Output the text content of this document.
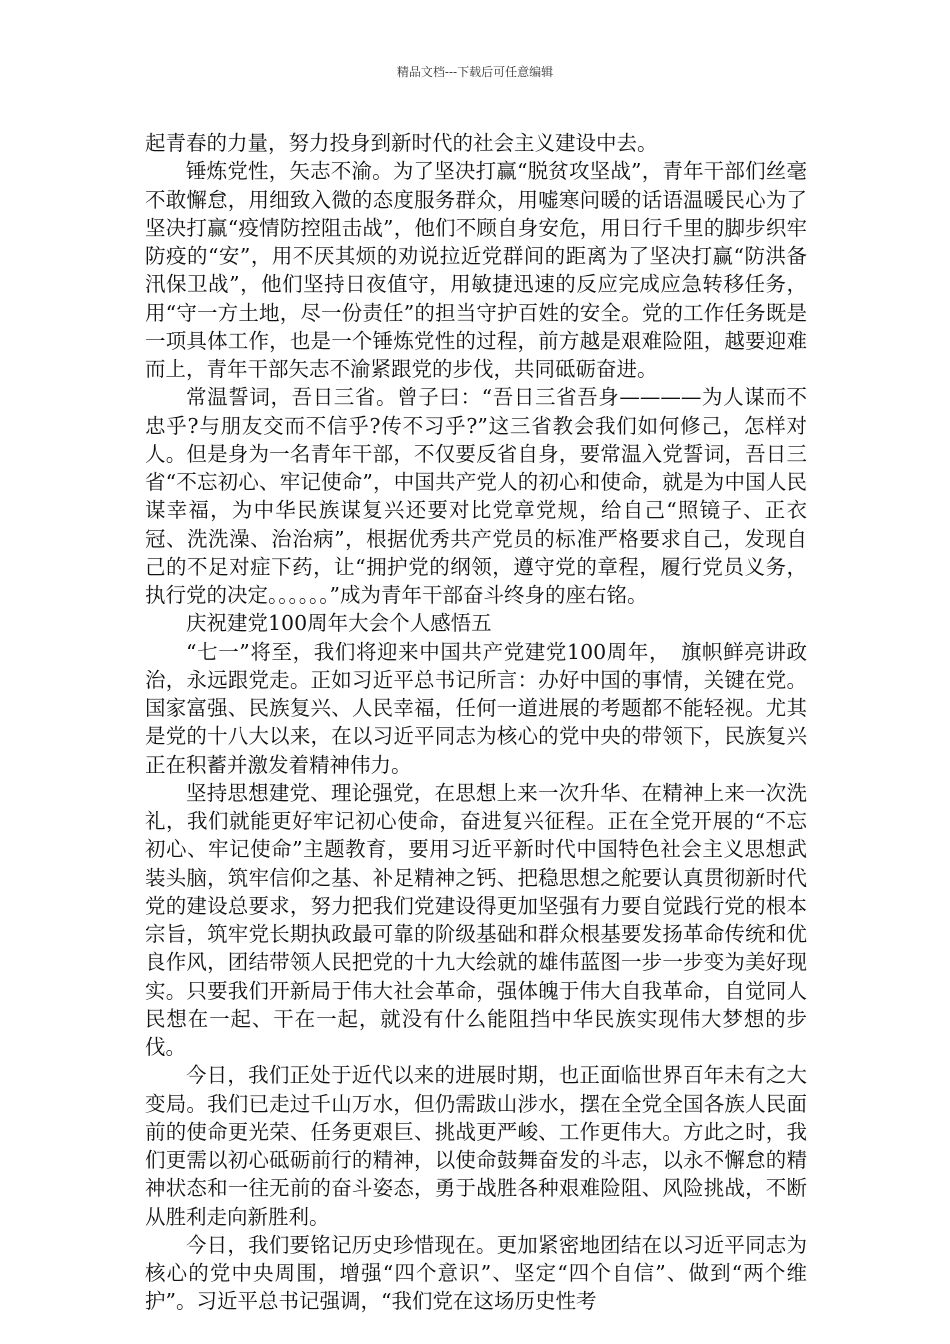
精品文档---下载后可任意编辑

起青春的力量，努力投身到新时代的社会主义建设中去。

锤炼党性，矢志不渝。为了坚决打赢“脱贫攻坚战”，青年干部们丝毫不敢懈怠，用细致入微的态度服务群众，用嘘寒问暖的话语温暖民心为了坚决打赢“疫情防控阻击战”，他们不顾自身安危，用日行千里的脚步织牢防疫的“安”，用不厌其烦的劝说拉近党群间的距离为了坚决打赢“防洪备汛保卫战”，他们坚持日夜值守，用敏捷迅速的反应完成应急转移任务，用“守一方土地，尽一份责任”的担当守护百姓的安全。党的工作任务既是一项具体工作，也是一个锤炼党性的过程，前方越是艰难险阻，越要迎难而上，青年干部矢志不渝紧跟党的步伐，共同砥砺奋进。

常温誓词，吾日三省。曾子曰：“吾日三省吾身————为人谋而不忠乎?与朋友交而不信乎?传不习乎?”这三省教会我们如何修己，怎样对人。但是身为一名青年干部，不仅要反省自身，要常温入党誓词，吾日三省“不忘初心、牢记使命”，中国共产党人的初心和使命，就是为中国人民谋幸福，为中华民族谋复兴还要对比党章党规，给自己“照镜子、正衣冠、洗洗澡、治治病”，根据优秀共产党员的标准严格要求自己，发现自己的不足对症下药，让“拥护党的纲领，遵守党的章程，履行党员义务，执行党的决定。。。。。。”成为青年干部奋斗终身的座右铭。

庆祝建党100周年大会个人感悟五

“七一”将至，我们将迎来中国共产党建党100周年，　旗帜鲜亮讲政治，永远跟党走。正如习近平总书记所言：办好中国的事情，关键在党。国家富强、民族复兴、人民幸福，任何一道进展的考题都不能轻视。尤其是党的十八大以来，在以习近平同志为核心的党中央的带领下，民族复兴正在积蓄并激发着精神伟力。

坚持思想建党、理论强党，在思想上来一次升华、在精神上来一次洗礼，我们就能更好牢记初心使命，奋进复兴征程。正在全党开展的“不忘初心、牢记使命”主题教育，要用习近平新时代中国特色社会主义思想武装头脑，筑牢信仰之基、补足精神之钙、把稳思想之舵要认真贯彻新时代党的建设总要求，努力把我们党建设得更加坚强有力要自觉践行党的根本宗旨，筑牢党长期执政最可靠的阶级基础和群众根基要发扬革命传统和优良作风，团结带领人民把党的十九大绘就的雄伟蓝图一步一步变为美好现实。只要我们开新局于伟大社会革命，强体魄于伟大自我革命，自觉同人民想在一起、干在一起，就没有什么能阻挡中华民族实现伟大梦想的步伐。

今日，我们正处于近代以来的进展时期，也正面临世界百年未有之大变局。我们已走过千山万水，但仍需跋山涉水，摆在全党全国各族人民面前的使命更光荣、任务更艰巨、挑战更严峻、工作更伟大。方此之时，我们更需以初心砥砺前行的精神，以使命鼓舞奋发的斗志，以永不懈怠的精神状态和一往无前的奋斗姿态，勇于战胜各种艰难险阻、风险挑战，不断从胜利走向新胜利。

今日，我们要铭记历史珍惜现在。更加紧密地团结在以习近平同志为核心的党中央周围，增强“四个意识”、坚定“四个自信”、做到“两个维护”。习近平总书记强调，“我们党在这场历史性考
